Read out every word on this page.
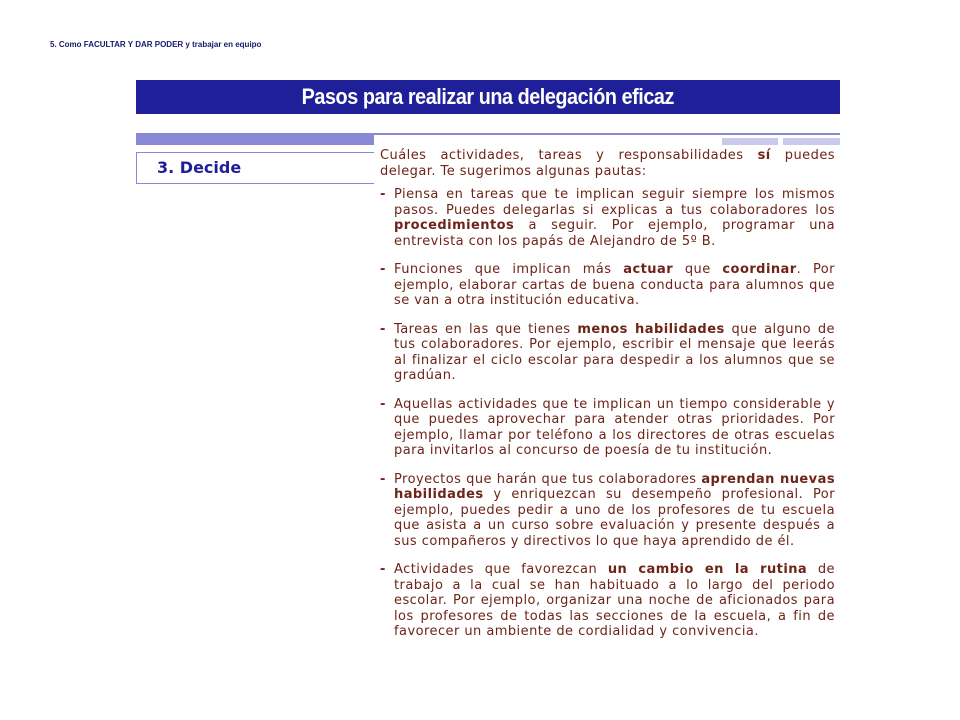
5. Como FACULTAR Y DAR PODER y trabajar en equipo
Pasos para realizar una delegación eficaz
3. Decide

Cuáles actividades, tareas y responsabilidades sí puedes delegar. Te sugerimos algunas pautas:

- Piensa en tareas que te implican seguir siempre los mismos pasos. Puedes delegarlas si explicas a tus colaboradores los procedimientos a seguir. Por ejemplo, programar una entrevista con los papás de Alejandro de 5º B.

- Funciones que implican más actuar que coordinar. Por ejemplo, elaborar cartas de buena conducta para alumnos que se van a otra institución educativa.

- Tareas en las que tienes menos habilidades que alguno de tus colaboradores. Por ejemplo, escribir el mensaje que leerás al finalizar el ciclo escolar para despedir a los alumnos que se gradúan.

- Aquellas actividades que te implican un tiempo considerable y que puedes aprovechar para atender otras prioridades. Por ejemplo, llamar por teléfono a los directores de otras escuelas para invitarlos al concurso de poesía de tu institución.

- Proyectos que harán que tus colaboradores aprendan nuevas habilidades y enriquezcan su desempeño profesional. Por ejemplo, puedes pedir a uno de los profesores de tu escuela que asista a un curso sobre evaluación y presente después a sus compañeros y directivos lo que haya aprendido de él.

- Actividades que favorezcan un cambio en la rutina de trabajo a la cual se han habituado a lo largo del periodo escolar. Por ejemplo, organizar una noche de aficionados para los profesores de todas las secciones de la escuela, a fin de favorecer un ambiente de cordialidad y convivencia.
